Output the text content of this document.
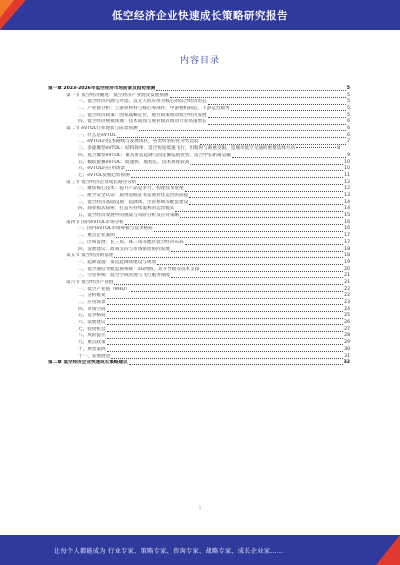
低空经济企业快速成长策略研究报告
内容目录
第一章 2023-2026年低空经济市场前景及趋势预测	5
第一节 低空经济概述：低空经济产业链及发展预测	5
一、低空经济内涵与外延，以无人机应用为核心的综合经济形态	5
二、产业链分析：上游原材料与核心零部件，中游整机制造，下游运营服务	5
三、低空经济政策：国家战略定位，地方政策推动低空经济发展	5
四、低空经济规模预测：技术成熟与商业模式推动行业高速增长	6
第二节 eVTOL行业现状与前景预测	6
一、什么是eVTOL	6
二、eVTOL的技术路线与发展现状，各类构型的优劣势比较	7
三、多旋翼型eVTOL：结构简单，适合短途低速飞行，但航时与载重受限，是城市低空交通的重要选择方向	8
四、复合翼型eVTOL：兼具垂直起降与固定翼巡航优势，适合中长距离运输	9
五、倾转旋翼eVTOL：航速快，航程长，技术难度较高	10
六、eVTOL的应用场景	10
七、eVTOL发展趋势预测	11
第三节 低空经济企业成长路径分析	12
一、聚焦核心技术：提升产品竞争力，构建技术壁垒	12
二、航空安全认证：取得适航证书是商业化运营的前提	13
三、低空经济基础设施：起降场、空管系统等配套建设	14
四、商业模式探索：打造可持续盈利的运营模式	14
五、低空经济发展中的挑战与风险分析及应对策略	15
第四节 国内eVTOL市场分析	16
一、国内eVTOL市场规模与竞争格局	16
二、重点企业案例	17
三、区域发展：长三角、珠三角等地区低空经济布局	17
四、发展建议：政策支持与市场驱动协同发展	18
第五节 低空经济新基建	18
一、起降设施：垂直起降场建设与规划	19
二、低空通信导航监视系统：5G网络、北斗导航等技术支撑	20
三、空管系统：低空空域管理与飞行服务保障	21
第六节 低空经济产业链	21
一、低空产业链（RHD）	22
二、分析框架	22
三、应用场景	23
四、市场空间	24
五、竞争格局	25
六、发展建议	26
七、投资机会	27
八、风险提示	28
九、重点政策	29
十、典型案例	30
十一、发展展望	31
第二章 低空经济企业快速成长策略建议	32
1
让每个人都能成为 行业专家、策略专家、咨询专家、战略专家、成长企业家……
